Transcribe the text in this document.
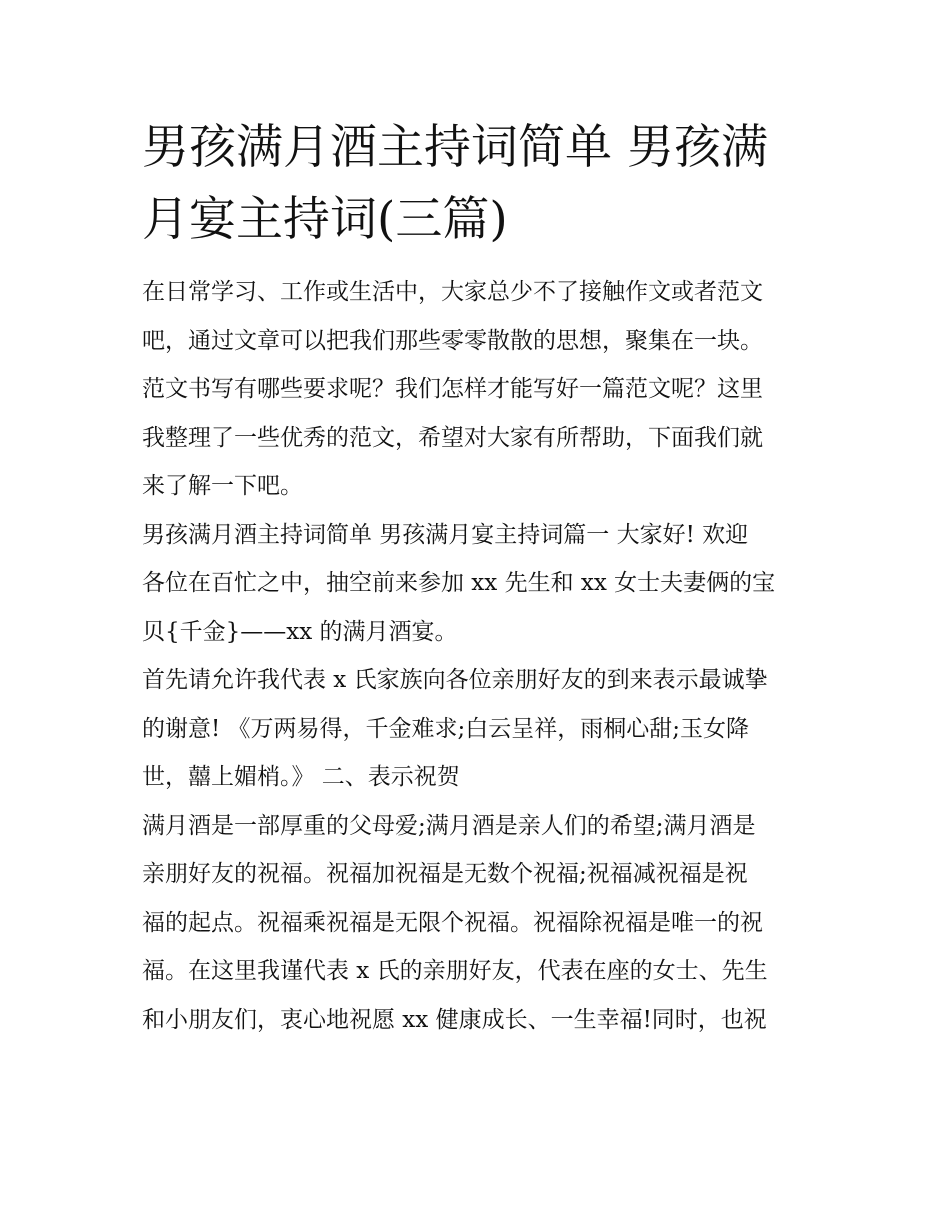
男孩满月酒主持词简单 男孩满
月宴主持词(三篇)
在日常学习、工作或生活中，大家总少不了接触作文或者范文
吧，通过文章可以把我们那些零零散散的思想，聚集在一块。
范文书写有哪些要求呢？我们怎样才能写好一篇范文呢？这里
我整理了一些优秀的范文，希望对大家有所帮助，下面我们就
来了解一下吧。
男孩满月酒主持词简单 男孩满月宴主持词篇一 大家好! 欢迎
各位在百忙之中，抽空前来参加 xx 先生和 xx 女士夫妻俩的宝
贝{千金}——xx 的满月酒宴。
首先请允许我代表 x 氏家族向各位亲朋好友的到来表示最诚挚
的谢意! 《万两易得，千金难求;白云呈祥，雨桐心甜;玉女降
世，囍上媚梢。》 二、表示祝贺
满月酒是一部厚重的父母爱;满月酒是亲人们的希望;满月酒是
亲朋好友的祝福。祝福加祝福是无数个祝福;祝福减祝福是祝
福的起点。祝福乘祝福是无限个祝福。祝福除祝福是唯一的祝
福。在这里我谨代表 x 氏的亲朋好友，代表在座的女士、先生
和小朋友们，衷心地祝愿 xx 健康成长、一生幸福!同时，也祝
